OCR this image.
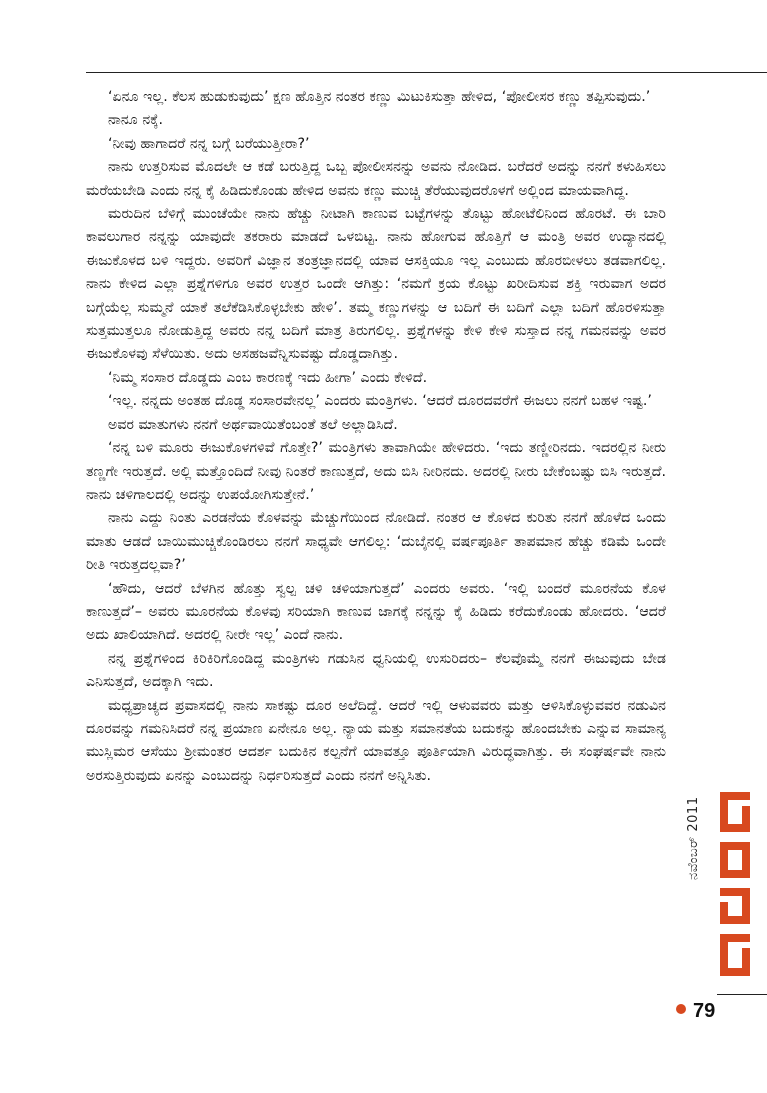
‘ಏನೂ ಇಲ್ಲ. ಕೆಲಸ ಹುಡುಕುವುದು’ ಕ್ಷಣ ಹೊತ್ತಿನ ನಂತರ ಕಣ್ಣು ಮಿಟುಕಿಸುತ್ತಾ ಹೇಳಿದ, ‘ಪೋಲೀಸರ ಕಣ್ಣು ತಪ್ಪಿಸುವುದು.’

ನಾನೂ ನಕ್ಕೆ.

‘ನೀವು ಹಾಗಾದರೆ ನನ್ನ ಬಗ್ಗೆ ಬರೆಯುತ್ತೀರಾ?’

ನಾನು ಉತ್ತರಿಸುವ ಮೊದಲೇ ಆ ಕಡೆ ಬರುತ್ತಿದ್ದ ಒಬ್ಬ ಪೋಲೀಸನನ್ನು ಅವನು ನೋಡಿದ. ಬರೆದರೆ ಅದನ್ನು ನನಗೆ ಕಳುಹಿಸಲು ಮರೆಯಬೇಡಿ ಎಂದು ನನ್ನ ಕೈ ಹಿಡಿದುಕೊಂಡು ಹೇಳಿದ ಅವನು ಕಣ್ಣು ಮುಚ್ಚಿ ತೆರೆಯುವುದರೊಳಗೆ ಅಲ್ಲಿಂದ ಮಾಯವಾಗಿದ್ದ.

ಮರುದಿನ ಬೆಳಿಗ್ಗೆ ಮುಂಚೆಯೇ ನಾನು ಹೆಚ್ಚು ನೀಟಾಗಿ ಕಾಣುವ ಬಟ್ಟೆಗಳನ್ನು ತೊಟ್ಟು ಹೋಟೆಲಿನಿಂದ ಹೊರಟೆ. ಈ ಬಾರಿ ಕಾವಲುಗಾರ ನನ್ನನ್ನು ಯಾವುದೇ ತಕರಾರು ಮಾಡದೆ ಒಳಬಿಟ್ಟ. ನಾನು ಹೋಗುವ ಹೊತ್ತಿಗೆ ಆ ಮಂತ್ರಿ ಅವರ ಉದ್ಯಾನದಲ್ಲಿ ಈಜುಕೊಳದ ಬಳಿ ಇದ್ದರು. ಅವರಿಗೆ ವಿಜ್ಞಾನ ತಂತ್ರಜ್ಞಾನದಲ್ಲಿ ಯಾವ ಆಸಕ್ತಿಯೂ ಇಲ್ಲ ಎಂಬುದು ಹೊರಬೀಳಲು ತಡವಾಗಲಿಲ್ಲ. ನಾನು ಕೇಳಿದ ಎಲ್ಲಾ ಪ್ರಶ್ನೆಗಳಿಗೂ ಅವರ ಉತ್ತರ ಒಂದೇ ಆಗಿತ್ತು: ‘ನಮಗೆ ಕ್ರಯ ಕೊಟ್ಟು ಖರೀದಿಸುವ ಶಕ್ತಿ ಇರುವಾಗ ಅದರ ಬಗ್ಗೆಯೆಲ್ಲ ಸುಮ್ಮನೆ ಯಾಕೆ ತಲೆಕೆಡಿಸಿಕೊಳ್ಳಬೇಕು ಹೇಳಿ’. ತಮ್ಮ ಕಣ್ಣುಗಳನ್ನು ಆ ಬದಿಗೆ ಈ ಬದಿಗೆ ಎಲ್ಲಾ ಬದಿಗೆ ಹೊರಳಿಸುತ್ತಾ ಸುತ್ತಮುತ್ತಲೂ ನೋಡುತ್ತಿದ್ದ ಅವರು ನನ್ನ ಬದಿಗೆ ಮಾತ್ರ ತಿರುಗಲಿಲ್ಲ. ಪ್ರಶ್ನೆಗಳನ್ನು ಕೇಳಿ ಕೇಳಿ ಸುಸ್ತಾದ ನನ್ನ ಗಮನವನ್ನು ಅವರ ಈಜುಕೊಳವು ಸೆಳೆಯಿತು. ಅದು ಅಸಹಜವೆನ್ನಿಸುವಷ್ಟು ದೊಡ್ಡದಾಗಿತ್ತು.

‘ನಿಮ್ಮ ಸಂಸಾರ ದೊಡ್ಡದು ಎಂಬ ಕಾರಣಕ್ಕೆ ಇದು ಹೀಗಾ’ ಎಂದು ಕೇಳಿದೆ.

‘ಇಲ್ಲ. ನನ್ನದು ಅಂತಹ ದೊಡ್ಡ ಸಂಸಾರವೇನಲ್ಲ’ ಎಂದರು ಮಂತ್ರಿಗಳು. ‘ಆದರೆ ದೂರದವರೆಗೆ ಈಜಲು ನನಗೆ ಬಹಳ ಇಷ್ಟ.’

ಅವರ ಮಾತುಗಳು ನನಗೆ ಅರ್ಥವಾಯಿತೆಂಬಂತೆ ತಲೆ ಅಲ್ಲಾಡಿಸಿದೆ.

‘ನನ್ನ ಬಳಿ ಮೂರು ಈಜುಕೊಳಗಳಿವೆ ಗೊತ್ತೇ?’ ಮಂತ್ರಿಗಳು ತಾವಾಗಿಯೇ ಹೇಳಿದರು. ‘ಇದು ತಣ್ಣೀರಿನದು. ಇದರಲ್ಲಿನ ನೀರು ತಣ್ಣಗೇ ಇರುತ್ತದೆ. ಅಲ್ಲಿ ಮತ್ತೊಂದಿದೆ ನೀವು ನಿಂತರೆ ಕಾಣುತ್ತದೆ, ಅದು ಬಿಸಿ ನೀರಿನದು. ಅದರಲ್ಲಿ ನೀರು ಬೇಕೆಂಬಷ್ಟು ಬಿಸಿ ಇರುತ್ತದೆ. ನಾನು ಚಳಿಗಾಲದಲ್ಲಿ ಅದನ್ನು ಉಪಯೋಗಿಸುತ್ತೇನೆ.’

ನಾನು ಎದ್ದು ನಿಂತು ಎರಡನೆಯ ಕೊಳವನ್ನು ಮೆಚ್ಚುಗೆಯಿಂದ ನೋಡಿದೆ. ನಂತರ ಆ ಕೊಳದ ಕುರಿತು ನನಗೆ ಹೊಳೆದ ಒಂದು ಮಾತು ಆಡದೆ ಬಾಯಿಮುಚ್ಚಿಕೊಂಡಿರಲು ನನಗೆ ಸಾಧ್ಯವೇ ಆಗಲಿಲ್ಲ: ‘ದುಬೈನಲ್ಲಿ ವರ್ಷಪೂರ್ತಿ ತಾಪಮಾನ ಹೆಚ್ಚು ಕಡಿಮೆ ಒಂದೇ ರೀತಿ ಇರುತ್ತದಲ್ಲವಾ?’

‘ಹೌದು, ಆದರೆ ಬೆಳಗಿನ ಹೊತ್ತು ಸ್ವಲ್ಪ ಚಳಿ ಚಳಿಯಾಗುತ್ತದೆ’ ಎಂದರು ಅವರು. ‘ಇಲ್ಲಿ ಬಂದರೆ ಮೂರನೆಯ ಕೊಳ ಕಾಣುತ್ತದೆ’– ಅವರು ಮೂರನೆಯ ಕೊಳವು ಸರಿಯಾಗಿ ಕಾಣುವ ಜಾಗಕ್ಕೆ ನನ್ನನ್ನು ಕೈ ಹಿಡಿದು ಕರೆದುಕೊಂಡು ಹೋದರು. ‘ಆದರೆ ಅದು ಖಾಲಿಯಾಗಿದೆ. ಅದರಲ್ಲಿ ನೀರೇ ಇಲ್ಲ’ ಎಂದೆ ನಾನು.

ನನ್ನ ಪ್ರಶ್ನೆಗಳಿಂದ ಕಿರಿಕಿರಿಗೊಂಡಿದ್ದ ಮಂತ್ರಿಗಳು ಗಡುಸಿನ ಧ್ವನಿಯಲ್ಲಿ ಉಸುರಿದರು– ಕೆಲವೊಮ್ಮೆ ನನಗೆ ಈಜುವುದು ಬೇಡ ಎನಿಸುತ್ತದೆ, ಅದಕ್ಕಾಗಿ ಇದು.

ಮಧ್ಯಪ್ರಾಚ್ಯದ ಪ್ರವಾಸದಲ್ಲಿ ನಾನು ಸಾಕಷ್ಟು ದೂರ ಅಲೆದಿದ್ದೆ. ಆದರೆ ಇಲ್ಲಿ ಆಳುವವರು ಮತ್ತು ಆಳಿಸಿಕೊಳ್ಳುವವರ ನಡುವಿನ ದೂರವನ್ನು ಗಮನಿಸಿದರೆ ನನ್ನ ಪ್ರಯಾಣ ಏನೇನೂ ಅಲ್ಲ. ನ್ಯಾಯ ಮತ್ತು ಸಮಾನತೆಯ ಬದುಕನ್ನು ಹೊಂದಬೇಕು ಎನ್ನುವ ಸಾಮಾನ್ಯ ಮುಸ್ಲಿಮರ ಆಸೆಯು ಶ್ರೀಮಂತರ ಆದರ್ಶ ಬದುಕಿನ ಕಲ್ಪನೆಗೆ ಯಾವತ್ತೂ ಪೂರ್ತಿಯಾಗಿ ವಿರುದ್ಧವಾಗಿತ್ತು. ಈ ಸಂಘರ್ಷವೇ ನಾನು ಅರಸುತ್ತಿರುವುದು ಏನನ್ನು ಎಂಬುದನ್ನು ನಿರ್ಧರಿಸುತ್ತದೆ ಎಂದು ನನಗೆ ಅನ್ನಿಸಿತು.

ಮಯೂರ
ನವೆಂಬರ್ 2011
79
